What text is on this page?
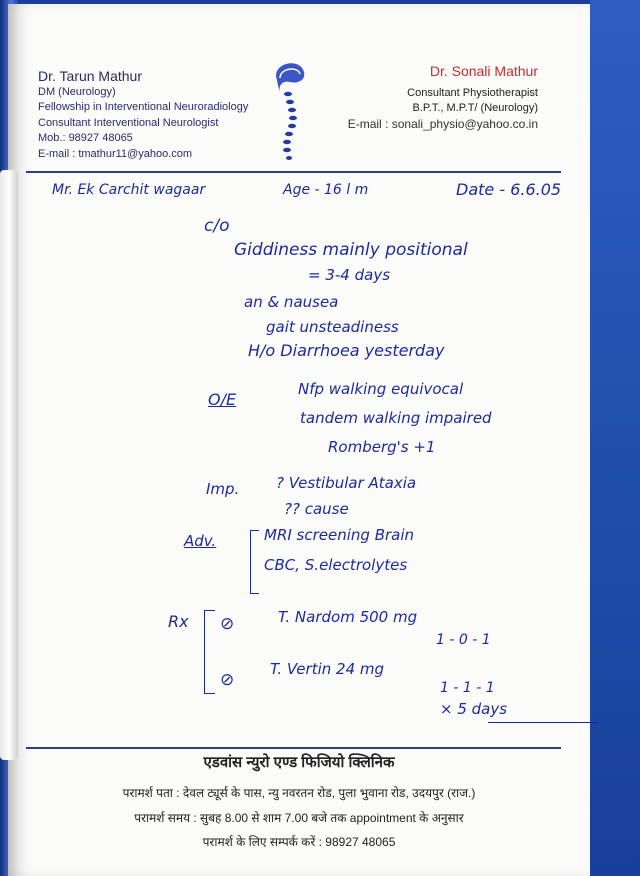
Dr. Tarun Mathur
DM (Neurology)
Fellowship in Interventional Neuroradiology
Consultant Interventional Neurologist
Mob.: 98927 48065
E-mail : tmathur11@yahoo.com
Dr. Sonali Mathur
Consultant Physiotherapist
B.P.T., M.P.T/ (Neurology)
E-mail : sonali_physio@yahoo.co.in
Mr. Ek Carchit wagaar	Age - 16 l m	Date - 6.6.05
c/o
Giddiness mainly positional
= 3-4 days
an & nausea
gait unsteadiness
H/o Diarrhoea yesterday
O/E
Nfp walking equivocal
tandem walking impaired
Romberg's +1
Imp. ? Vestibular Ataxia
?? cause
Adv.	MRI screening Brain
CBC, S.electrolytes
Rx ⊘	T. Nardom 500 mg
1 - 0 - 1
⊘
T. Vertin 24 mg
1 - 1 - 1
× 5 days
एडवांस न्युरो एण्ड फिजियो क्लिनिक
परामर्श पता : देवल ट्यूर्स के पास, न्यु नवरतन रोड, पुला भुवाना रोड, उदयपुर (राज.)
परामर्श समय : सुबह 8.00 से शाम 7.00 बजे तक appointment के अनुसार
परामर्श के लिए सम्पर्क करें : 98927 48065
